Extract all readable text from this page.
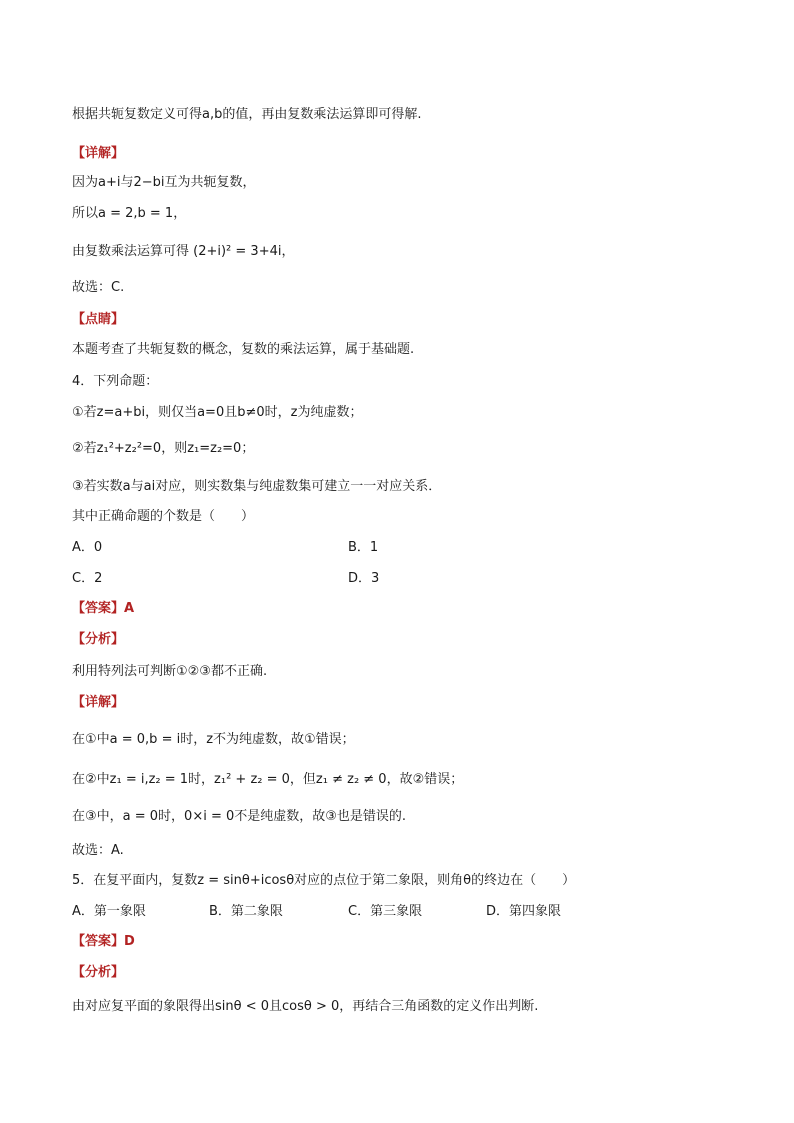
根据共轭复数定义可得a,b的值，再由复数乘法运算即可得解.
【详解】
因为a+i与2−bi互为共轭复数，
所以a = 2,b = 1，
由复数乘法运算可得 (2+i)² = 3+4i，
故选：C.
【点睛】
本题考查了共轭复数的概念，复数的乘法运算，属于基础题.
4．下列命题：
①若z=a+bi，则仅当a=0且b≠0时，z为纯虚数；
②若z₁²+z₂²=0，则z₁=z₂=0；
③若实数a与ai对应，则实数集与纯虚数集可建立一一对应关系．
其中正确命题的个数是（　　）
A．0	B．1
C．2	D．3
【答案】A
【分析】
利用特列法可判断①②③都不正确.
【详解】
在①中a = 0,b = i时，z不为纯虚数，故①错误；
在②中z₁ = i,z₂ = 1时，z₁² + z₂ = 0，但z₁ ≠ z₂ ≠ 0，故②错误；
在③中，a = 0时，0×i = 0不是纯虚数，故③也是错误的.
故选：A.
5．在复平面内，复数z = sinθ+icosθ对应的点位于第二象限，则角θ的终边在（　　）
A．第一象限	B．第二象限	C．第三象限	D．第四象限
【答案】D
【分析】
由对应复平面的象限得出sinθ < 0且cosθ > 0，再结合三角函数的定义作出判断.
